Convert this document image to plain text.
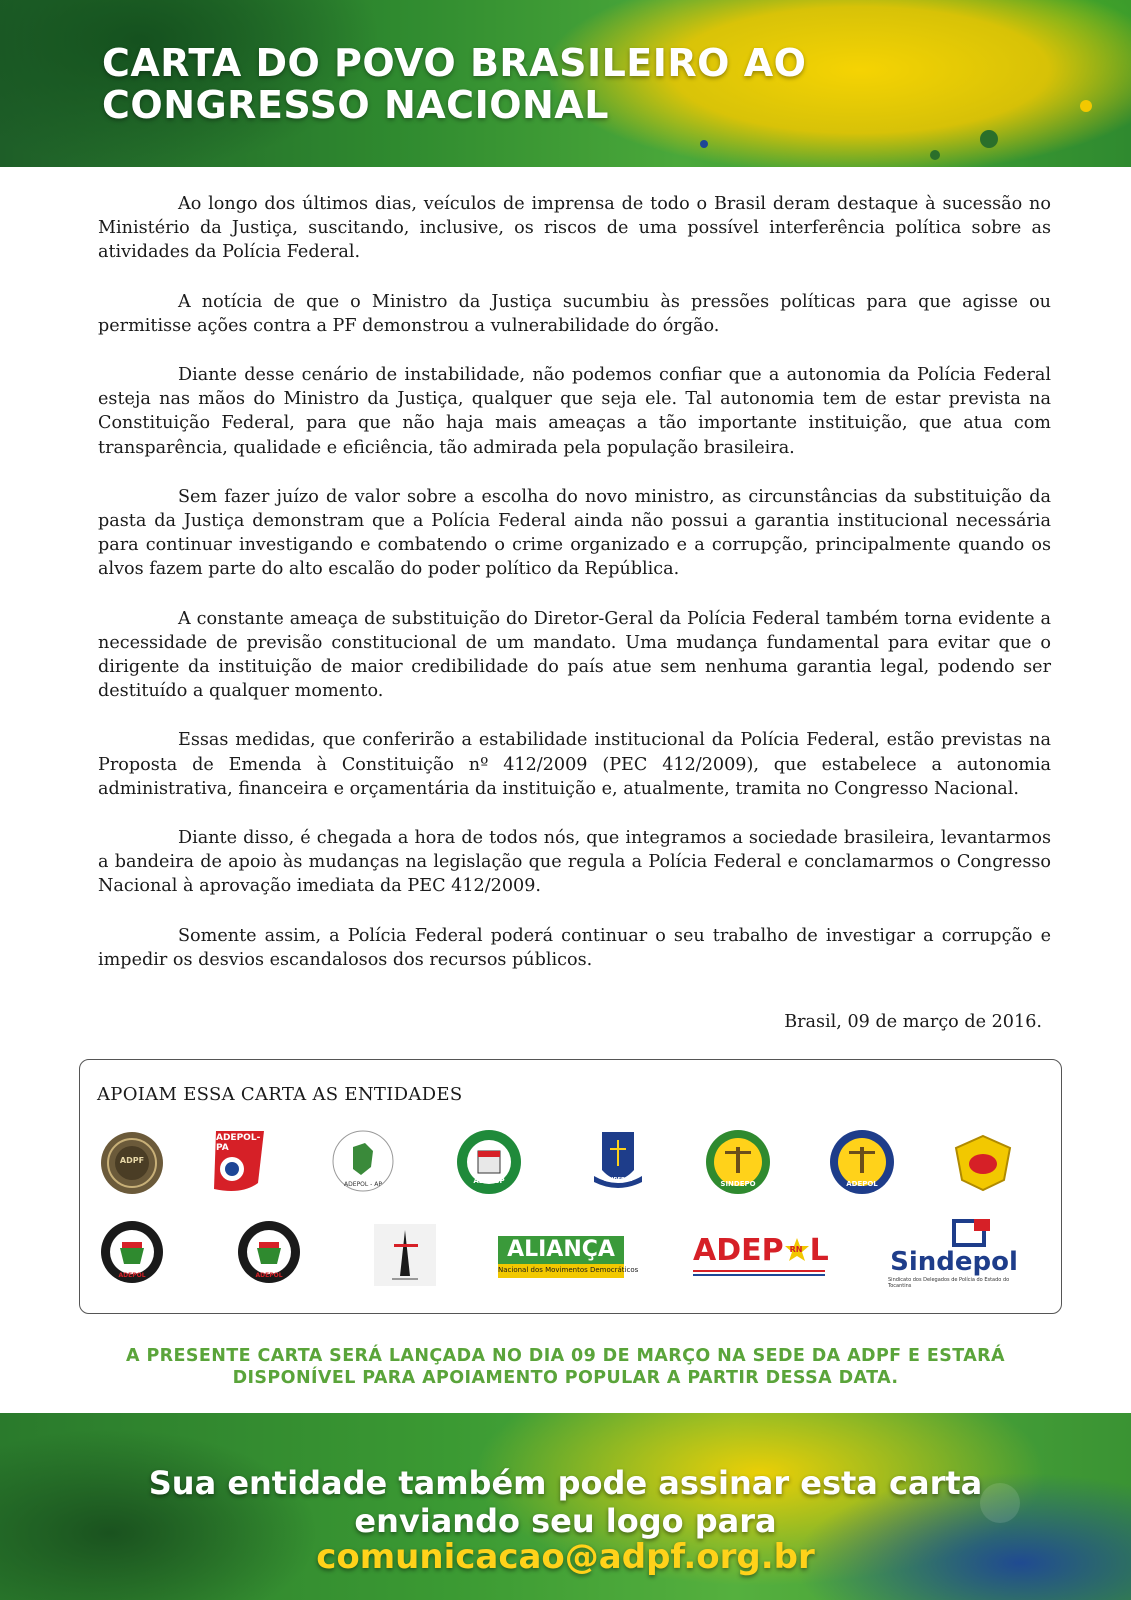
CARTA DO POVO BRASILEIRO AO
CONGRESSO NACIONAL

Ao longo dos últimos dias, veículos de imprensa de todo o Brasil deram destaque à sucessão no Ministério da Justiça, suscitando, inclusive, os riscos de uma possível interferência política sobre as atividades da Polícia Federal.

A notícia de que o Ministro da Justiça sucumbiu às pressões políticas para que agisse ou permitisse ações contra a PF demonstrou a vulnerabilidade do órgão.

Diante desse cenário de instabilidade, não podemos confiar que a autonomia da Polícia Federal esteja nas mãos do Ministro da Justiça, qualquer que seja ele. Tal autonomia tem de estar prevista na Constituição Federal, para que não haja mais ameaças a tão importante instituição, que atua com transparência, qualidade e eficiência, tão admirada pela população brasileira.

Sem fazer juízo de valor sobre a escolha do novo ministro, as circunstâncias da substituição da pasta da Justiça demonstram que a Polícia Federal ainda não possui a garantia institucional necessária para continuar investigando e combatendo o crime organizado e a corrupção, principalmente quando os alvos fazem parte do alto escalão do poder político da República.

A constante ameaça de substituição do Diretor-Geral da Polícia Federal também torna evidente a necessidade de previsão constitucional de um mandato. Uma mudança fundamental para evitar que o dirigente da instituição de maior credibilidade do país atue sem nenhuma garantia legal, podendo ser destituído a qualquer momento.

Essas medidas, que conferirão a estabilidade institucional da Polícia Federal, estão previstas na Proposta de Emenda à Constituição nº 412/2009 (PEC 412/2009), que estabelece a autonomia administrativa, financeira e orçamentária da instituição e, atualmente, tramita no Congresso Nacional.

Diante disso, é chegada a hora de todos nós, que integramos a sociedade brasileira, levantarmos a bandeira de apoio às mudanças na legislação que regula a Polícia Federal e conclamarmos o Congresso Nacional à aprovação imediata da PEC 412/2009.

Somente assim, a Polícia Federal poderá continuar o seu trabalho de investigar a corrupção e impedir os desvios escandalosos dos recursos públicos.

Brasil, 09 de março de 2016.
APOIAM ESSA CARTA AS ENTIDADES
ADPF
ADEPOL-PA
ADEPOL - AP	ADPESP	SINDEPOL	SINDEPO	ADEPOL
ADEPOL	ADEPOL
ALIANÇA
Nacional dos Movimentos Democráticos
ADEP RN L Sindepol
Sindicato dos Delegados de Polícia do Estado do Tocantins
A PRESENTE CARTA SERÁ LANÇADA NO DIA 09 DE MARÇO NA SEDE DA ADPF E ESTARÁ
DISPONÍVEL PARA APOIAMENTO POPULAR A PARTIR DESSA DATA.
Sua entidade também pode assinar esta carta
enviando seu logo para
comunicacao@adpf.org.br
